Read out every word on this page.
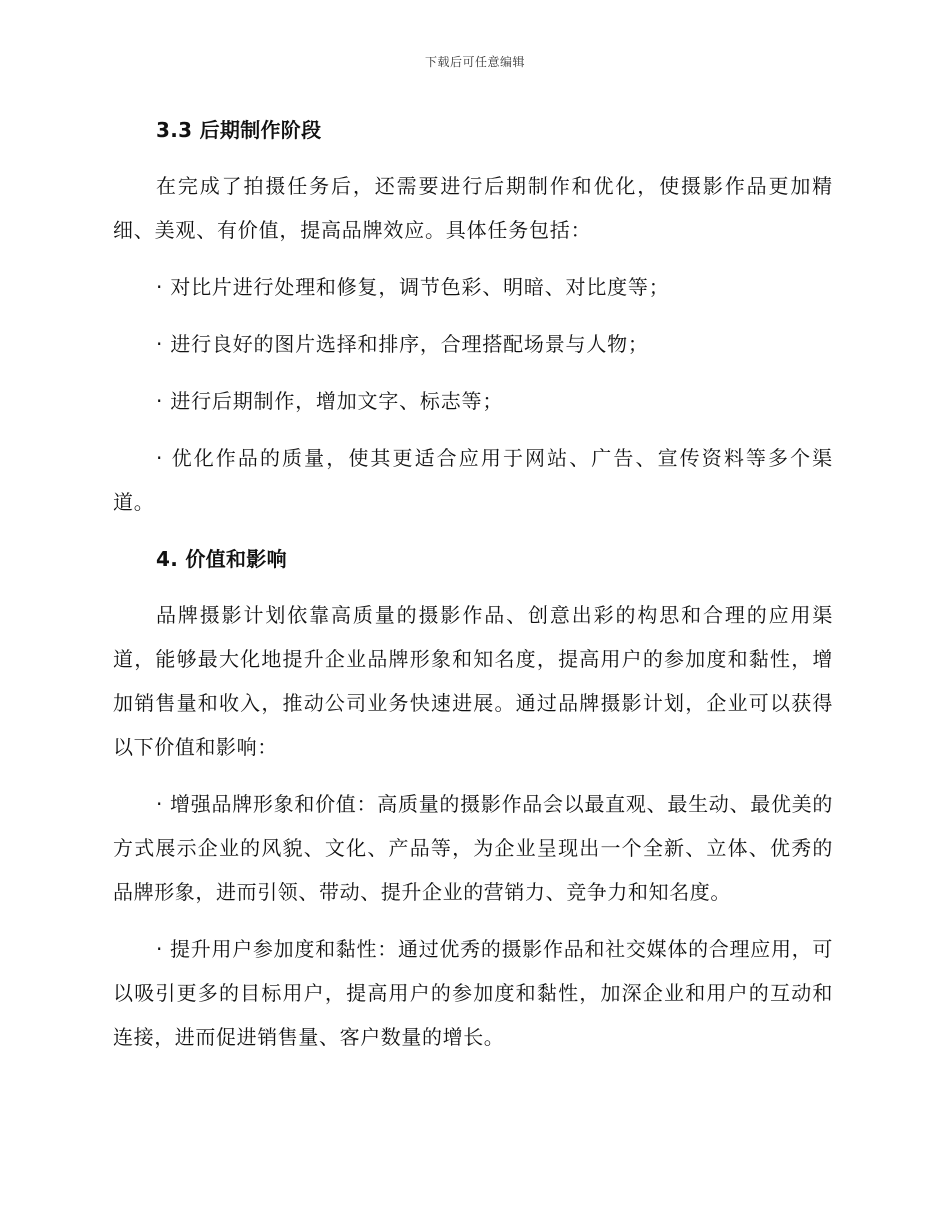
下载后可任意编辑
3.3 后期制作阶段

在完成了拍摄任务后，还需要进行后期制作和优化，使摄影作品更加精细、美观、有价值，提高品牌效应。具体任务包括：

· 对比片进行处理和修复，调节色彩、明暗、对比度等；

· 进行良好的图片选择和排序，合理搭配场景与人物；

· 进行后期制作，增加文字、标志等；

· 优化作品的质量，使其更适合应用于网站、广告、宣传资料等多个渠道。

4. 价值和影响

品牌摄影计划依靠高质量的摄影作品、创意出彩的构思和合理的应用渠道，能够最大化地提升企业品牌形象和知名度，提高用户的参加度和黏性，增加销售量和收入，推动公司业务快速进展。通过品牌摄影计划，企业可以获得以下价值和影响：

· 增强品牌形象和价值：高质量的摄影作品会以最直观、最生动、最优美的方式展示企业的风貌、文化、产品等，为企业呈现出一个全新、立体、优秀的品牌形象，进而引领、带动、提升企业的营销力、竞争力和知名度。

· 提升用户参加度和黏性：通过优秀的摄影作品和社交媒体的合理应用，可以吸引更多的目标用户，提高用户的参加度和黏性，加深企业和用户的互动和连接，进而促进销售量、客户数量的增长。
